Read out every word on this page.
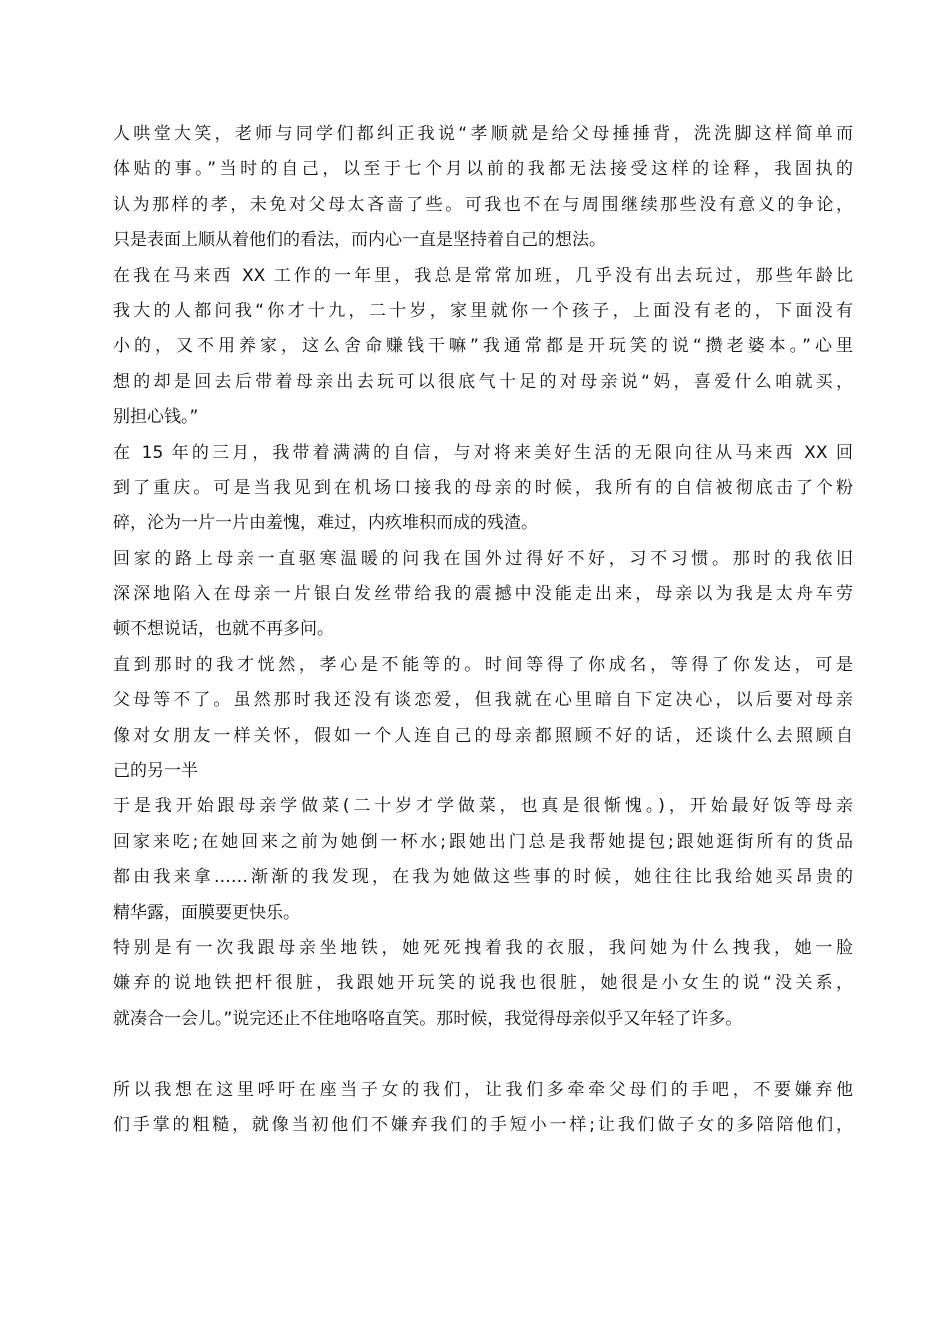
人哄堂大笑，老师与同学们都纠正我说“孝顺就是给父母捶捶背，洗洗脚这样简单而
体贴的事。”当时的自己，以至于七个月以前的我都无法接受这样的诠释，我固执的
认为那样的孝，未免对父母太吝啬了些。可我也不在与周围继续那些没有意义的争论，
只是表面上顺从着他们的看法，而内心一直是坚持着自己的想法。
在我在马来西 XX 工作的一年里，我总是常常加班，几乎没有出去玩过，那些年龄比
我大的人都问我“你才十九，二十岁，家里就你一个孩子，上面没有老的，下面没有
小的，又不用养家，这么舍命赚钱干嘛”我通常都是开玩笑的说“攒老婆本。”心里
想的却是回去后带着母亲出去玩可以很底气十足的对母亲说“妈，喜爱什么咱就买，
别担心钱。”
在 15 年的三月，我带着满满的自信，与对将来美好生活的无限向往从马来西 XX 回
到了重庆。可是当我见到在机场口接我的母亲的时候，我所有的自信被彻底击了个粉
碎，沦为一片一片由羞愧，难过，内疚堆积而成的残渣。
回家的路上母亲一直驱寒温暖的问我在国外过得好不好，习不习惯。那时的我依旧
深深地陷入在母亲一片银白发丝带给我的震撼中没能走出来，母亲以为我是太舟车劳
顿不想说话，也就不再多问。
直到那时的我才恍然，孝心是不能等的。时间等得了你成名，等得了你发达，可是
父母等不了。虽然那时我还没有谈恋爱，但我就在心里暗自下定决心，以后要对母亲
像对女朋友一样关怀，假如一个人连自己的母亲都照顾不好的话，还谈什么去照顾自
己的另一半
于是我开始跟母亲学做菜(二十岁才学做菜，也真是很惭愧。)，开始最好饭等母亲
回家来吃;在她回来之前为她倒一杯水;跟她出门总是我帮她提包;跟她逛街所有的货品
都由我来拿……渐渐的我发现，在我为她做这些事的时候，她往往比我给她买昂贵的
精华露，面膜要更快乐。
特别是有一次我跟母亲坐地铁，她死死拽着我的衣服，我问她为什么拽我，她一脸
嫌弃的说地铁把杆很脏，我跟她开玩笑的说我也很脏，她很是小女生的说“没关系，
就凑合一会儿。”说完还止不住地咯咯直笑。那时候，我觉得母亲似乎又年轻了许多。
所以我想在这里呼吁在座当子女的我们，让我们多牵牵父母们的手吧，不要嫌弃他
们手掌的粗糙，就像当初他们不嫌弃我们的手短小一样;让我们做子女的多陪陪他们，
